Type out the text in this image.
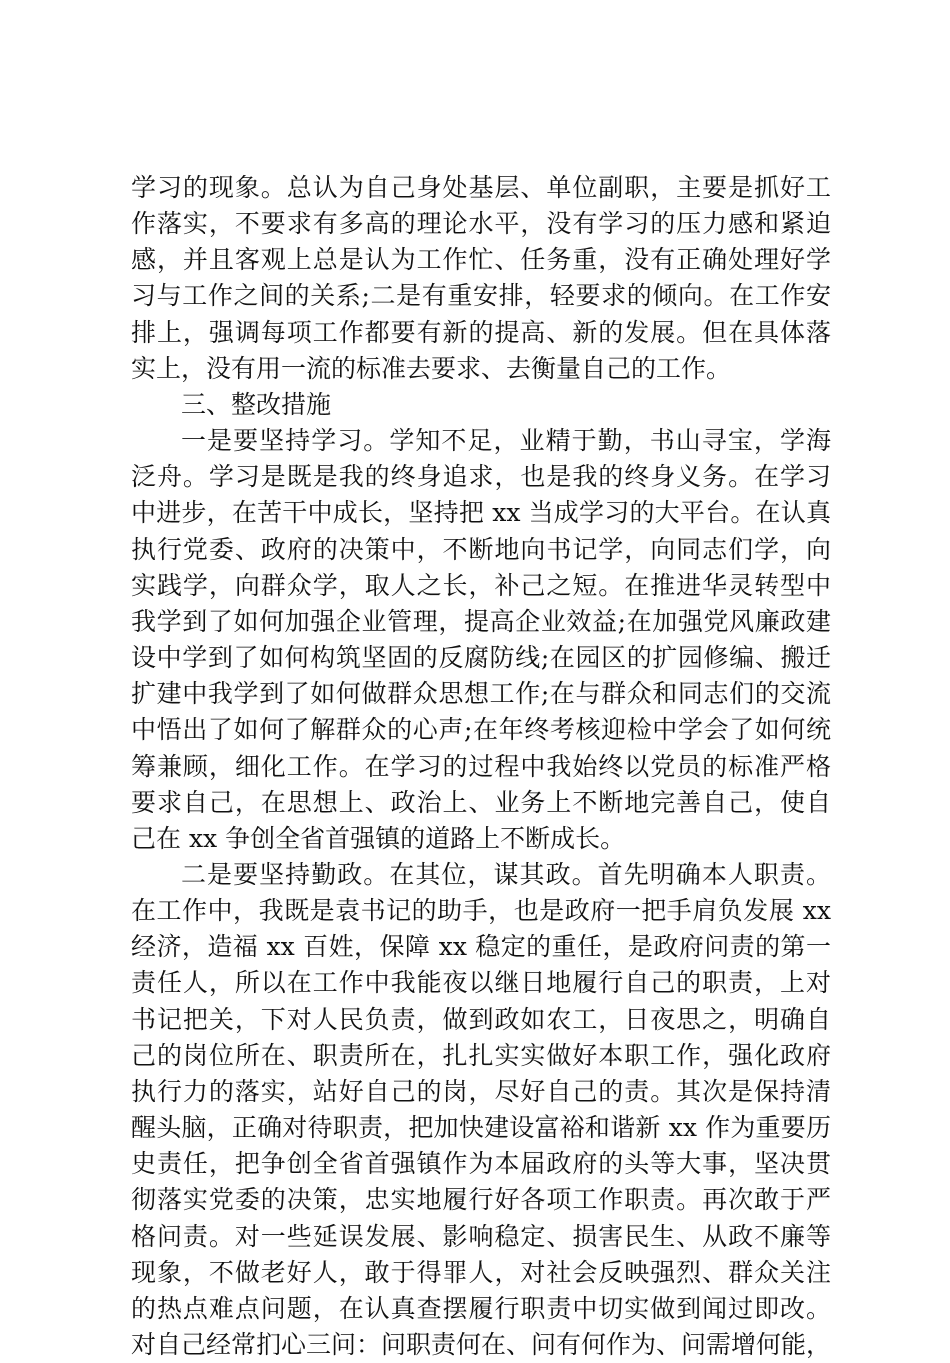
学习的现象。总认为自己身处基层、单位副职，主要是抓好工
作落实，不要求有多高的理论水平，没有学习的压力感和紧迫
感，并且客观上总是认为工作忙、任务重，没有正确处理好学
习与工作之间的关系;二是有重安排，轻要求的倾向。在工作安
排上，强调每项工作都要有新的提高、新的发展。但在具体落
实上，没有用一流的标准去要求、去衡量自己的工作。
三、整改措施
一是要坚持学习。学知不足，业精于勤，书山寻宝，学海
泛舟。学习是既是我的终身追求，也是我的终身义务。在学习
中进步，在苦干中成长，坚持把 xx 当成学习的大平台。在认真
执行党委、政府的决策中，不断地向书记学，向同志们学，向
实践学，向群众学，取人之长，补己之短。在推进华灵转型中
我学到了如何加强企业管理，提高企业效益;在加强党风廉政建
设中学到了如何构筑坚固的反腐防线;在园区的扩园修编、搬迁
扩建中我学到了如何做群众思想工作;在与群众和同志们的交流
中悟出了如何了解群众的心声;在年终考核迎检中学会了如何统
筹兼顾，细化工作。在学习的过程中我始终以党员的标准严格
要求自己，在思想上、政治上、业务上不断地完善自己，使自
己在 xx 争创全省首强镇的道路上不断成长。
二是要坚持勤政。在其位，谋其政。首先明确本人职责。
在工作中，我既是袁书记的助手，也是政府一把手肩负发展 xx
经济，造福 xx 百姓，保障 xx 稳定的重任，是政府问责的第一
责任人，所以在工作中我能夜以继日地履行自己的职责，上对
书记把关，下对人民负责，做到政如农工，日夜思之，明确自
己的岗位所在、职责所在，扎扎实实做好本职工作，强化政府
执行力的落实，站好自己的岗，尽好自己的责。其次是保持清
醒头脑，正确对待职责，把加快建设富裕和谐新 xx 作为重要历
史责任，把争创全省首强镇作为本届政府的头等大事，坚决贯
彻落实党委的决策，忠实地履行好各项工作职责。再次敢于严
格问责。对一些延误发展、影响稳定、损害民生、从政不廉等
现象，不做老好人，敢于得罪人，对社会反映强烈、群众关注
的热点难点问题，在认真查摆履行职责中切实做到闻过即改。
对自己经常扪心三问：问职责何在、问有何作为、问需增何能，
